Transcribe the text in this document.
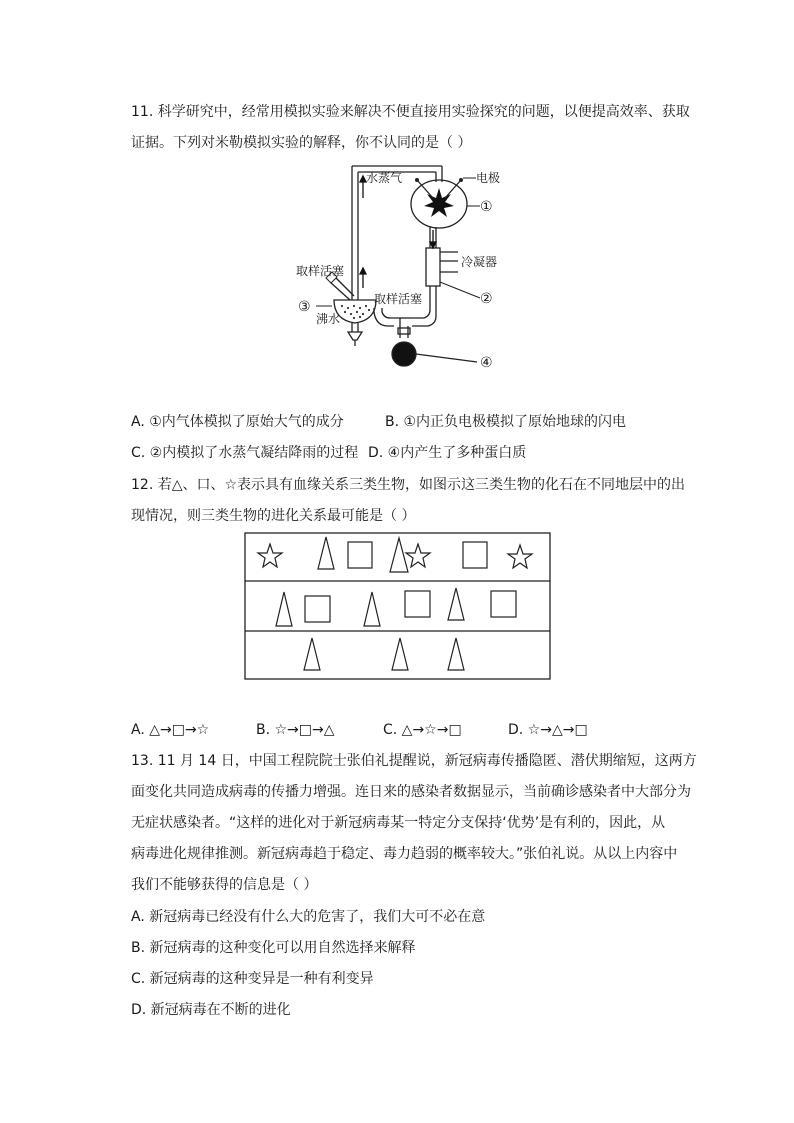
11. 科学研究中，经常用模拟实验来解决不便直接用实验探究的问题，以便提高效率、获取
证据。下列对米勒模拟实验的解释，你不认同的是（ ）
水蒸气	电极
冷凝器
取样活塞
取样活塞
沸水
①
②
③
④
A. ①内气体模拟了原始大气的成分	B. ①内正负电极模拟了原始地球的闪电
C. ②内模拟了水蒸气凝结降雨的过程 D. ④内产生了多种蛋白质
12. 若△、口、☆表示具有血缘关系三类生物，如图示这三类生物的化石在不同地层中的出
现情况，则三类生物的进化关系最可能是（ ）
A. △→□→☆	B. ☆→□→△	C. △→☆→□	D. ☆→△→□
13. 11 月 14 日，中国工程院院士张伯礼提醒说，新冠病毒传播隐匿、潜伏期缩短，这两方
面变化共同造成病毒的传播力增强。连日来的感染者数据显示，当前确诊感染者中大部分为
无症状感染者。“这样的进化对于新冠病毒某一特定分支保持‘优势’是有利的，因此，从
病毒进化规律推测。新冠病毒趋于稳定、毒力趋弱的概率较大。”张伯礼说。从以上内容中
我们不能够获得的信息是（ ）
A. 新冠病毒已经没有什么大的危害了，我们大可不必在意
B. 新冠病毒的这种变化可以用自然选择来解释
C. 新冠病毒的这种变异是一种有利变异
D. 新冠病毒在不断的进化
